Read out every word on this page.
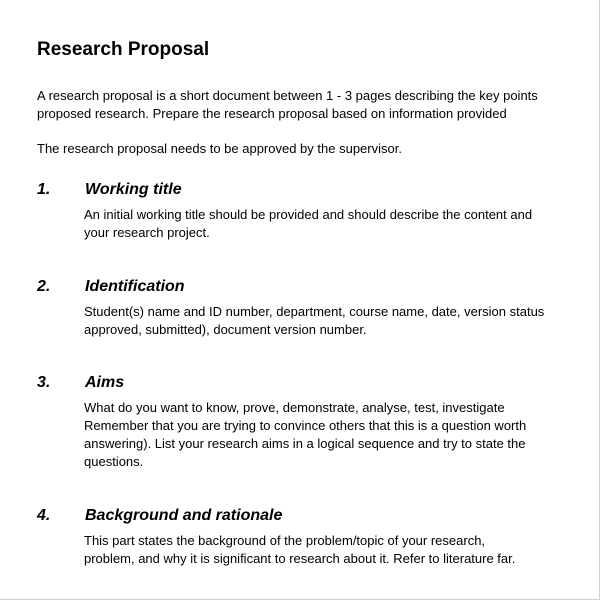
Research Proposal

A research proposal is a short document between 1 - 3 pages describing the key points
proposed research. Prepare the research proposal based on information provided

The research proposal needs to be approved by the supervisor.

1. Working title

An initial working title should be provided and should describe the content and
your research project.

2. Identification

Student(s) name and ID number, department, course name, date, version status
approved, submitted), document version number.

3. Aims

What do you want to know, prove, demonstrate, analyse, test, investigate
Remember that you are trying to convince others that this is a question worth
answering). List your research aims in a logical sequence and try to state the
questions.

4. Background and rationale

This part states the background of the problem/topic of your research,
problem, and why it is significant to research about it. Refer to literature far.
